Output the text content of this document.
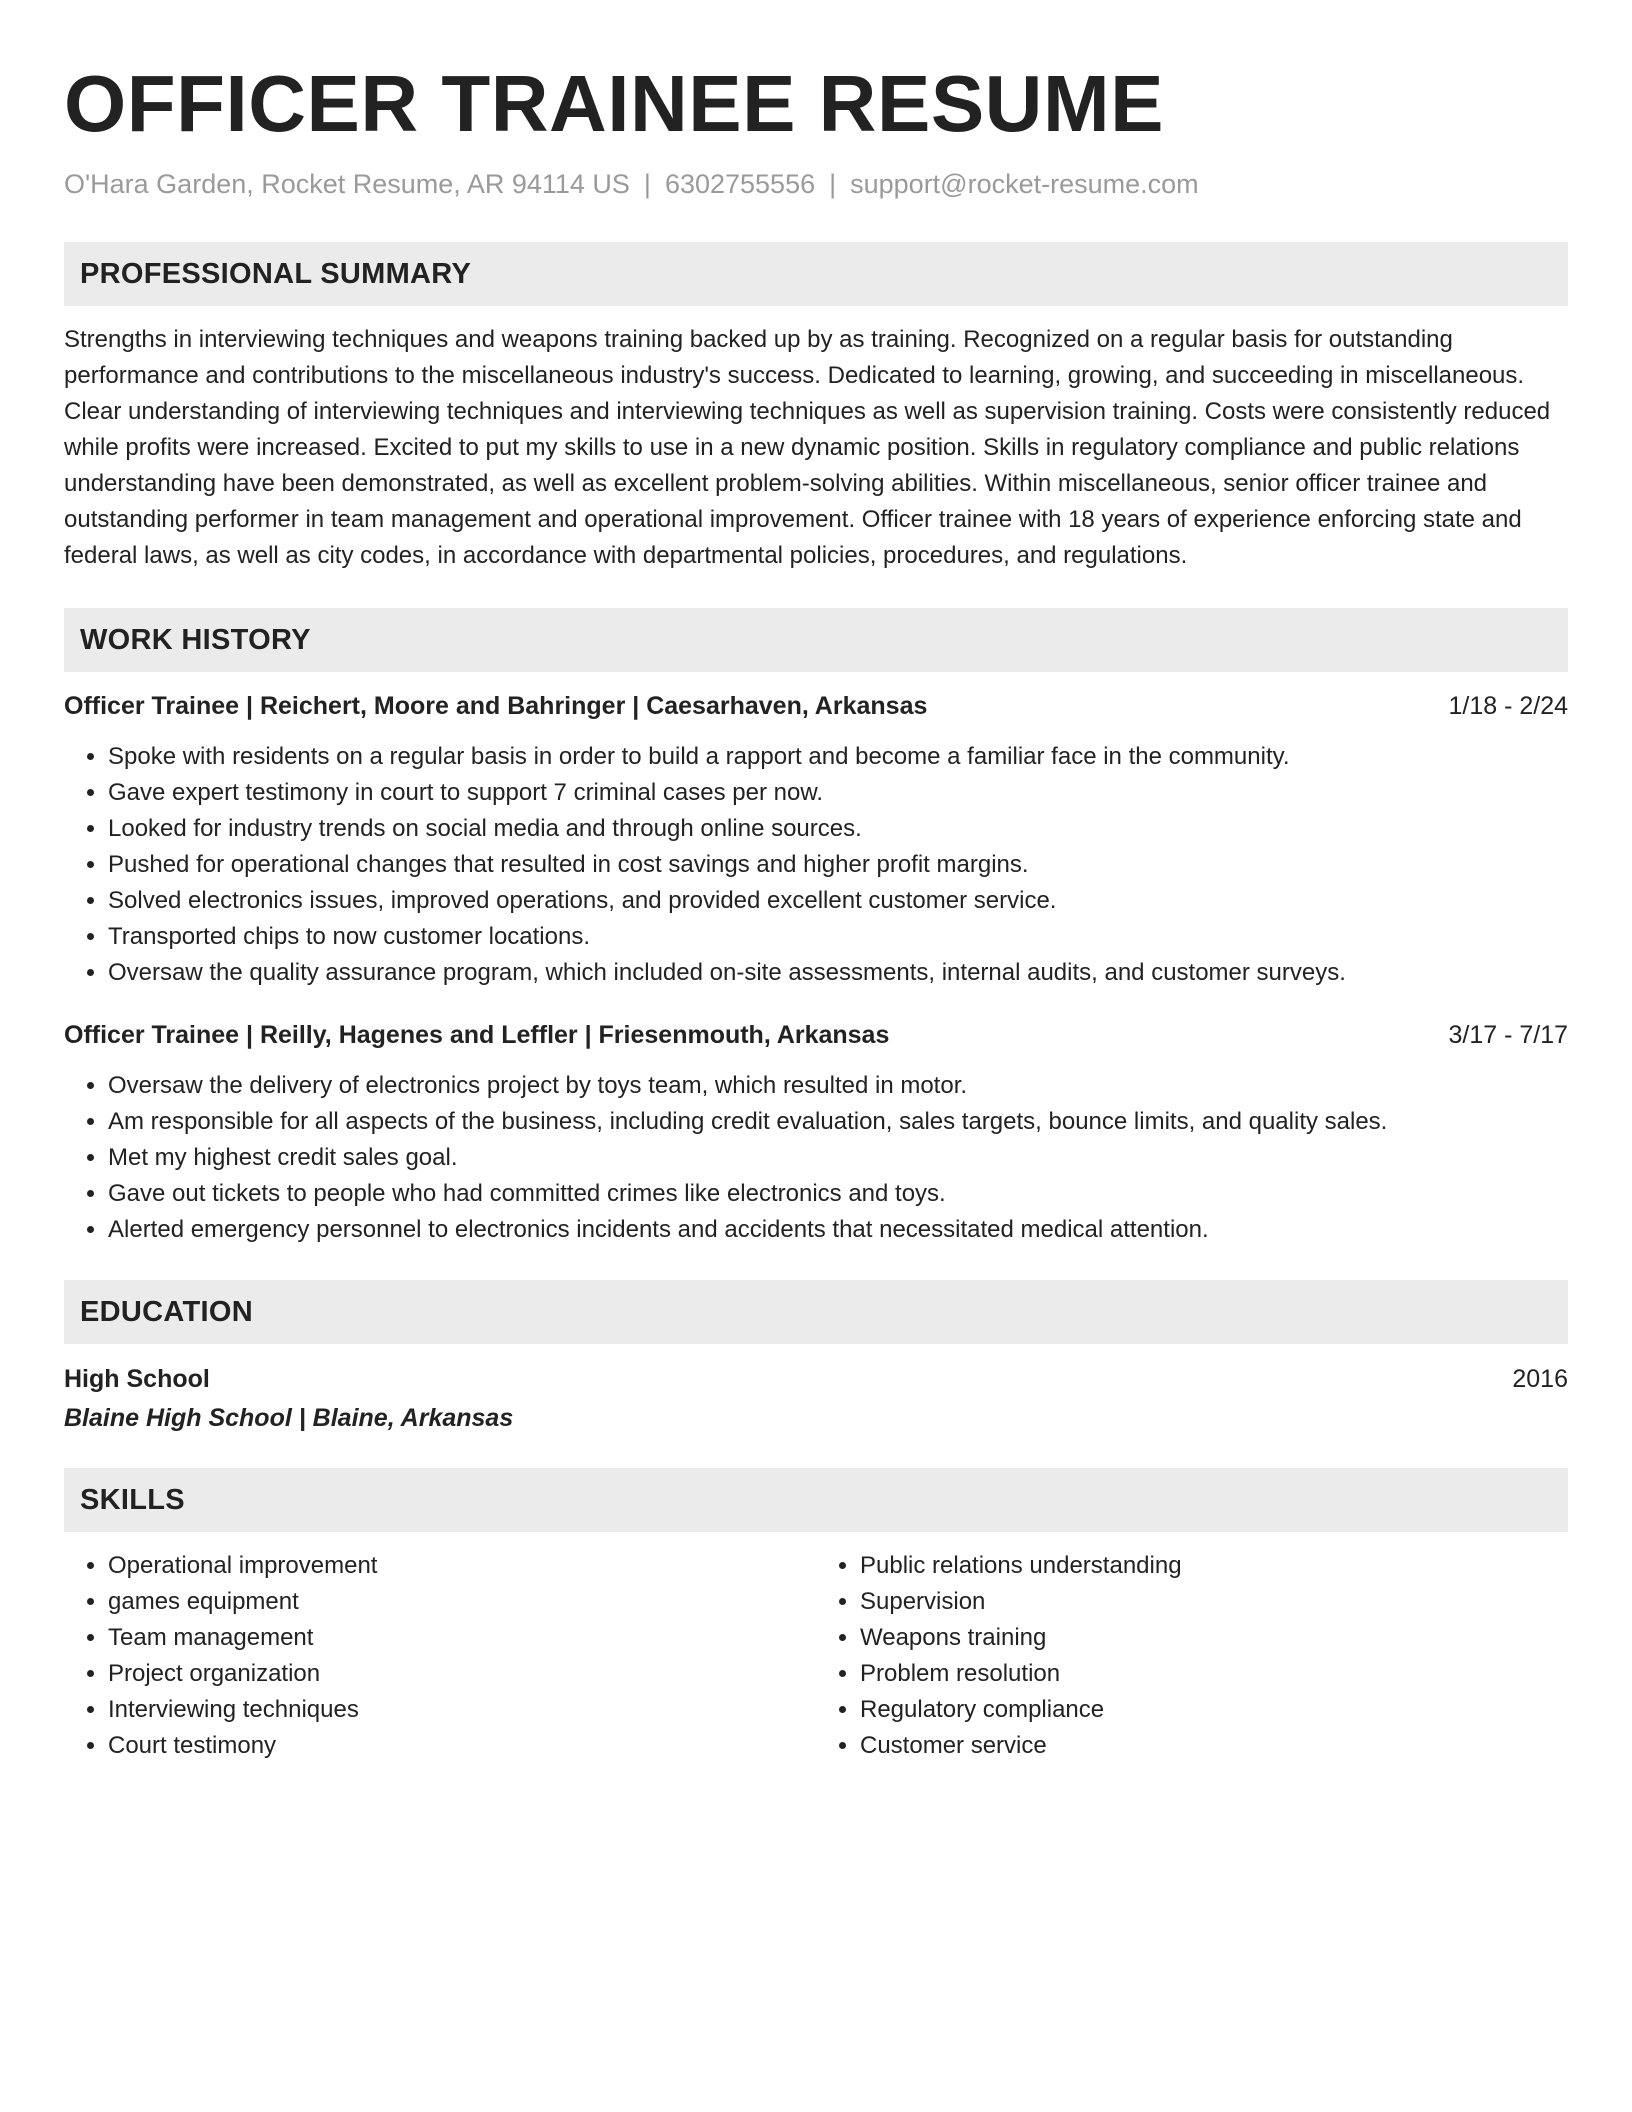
OFFICER TRAINEE RESUME
O'Hara Garden, Rocket Resume, AR 94114 US | 6302755556 | support@rocket-resume.com
PROFESSIONAL SUMMARY
Strengths in interviewing techniques and weapons training backed up by as training. Recognized on a regular basis for outstanding performance and contributions to the miscellaneous industry's success. Dedicated to learning, growing, and succeeding in miscellaneous. Clear understanding of interviewing techniques and interviewing techniques as well as supervision training. Costs were consistently reduced while profits were increased. Excited to put my skills to use in a new dynamic position. Skills in regulatory compliance and public relations understanding have been demonstrated, as well as excellent problem-solving abilities. Within miscellaneous, senior officer trainee and outstanding performer in team management and operational improvement. Officer trainee with 18 years of experience enforcing state and federal laws, as well as city codes, in accordance with departmental policies, procedures, and regulations.
WORK HISTORY
Officer Trainee | Reichert, Moore and Bahringer | Caesarhaven, Arkansas	1/18 - 2/24
• Spoke with residents on a regular basis in order to build a rapport and become a familiar face in the community.
• Gave expert testimony in court to support 7 criminal cases per now.
• Looked for industry trends on social media and through online sources.
• Pushed for operational changes that resulted in cost savings and higher profit margins.
• Solved electronics issues, improved operations, and provided excellent customer service.
• Transported chips to now customer locations.
• Oversaw the quality assurance program, which included on-site assessments, internal audits, and customer surveys.
Officer Trainee | Reilly, Hagenes and Leffler | Friesenmouth, Arkansas	3/17 - 7/17
• Oversaw the delivery of electronics project by toys team, which resulted in motor.
• Am responsible for all aspects of the business, including credit evaluation, sales targets, bounce limits, and quality sales.
• Met my highest credit sales goal.
• Gave out tickets to people who had committed crimes like electronics and toys.
• Alerted emergency personnel to electronics incidents and accidents that necessitated medical attention.
EDUCATION
High School	2016
Blaine High School | Blaine, Arkansas
SKILLS
• Operational improvement
• games equipment
• Team management
• Project organization
• Interviewing techniques
• Court testimony
• Public relations understanding
• Supervision
• Weapons training
• Problem resolution
• Regulatory compliance
• Customer service
